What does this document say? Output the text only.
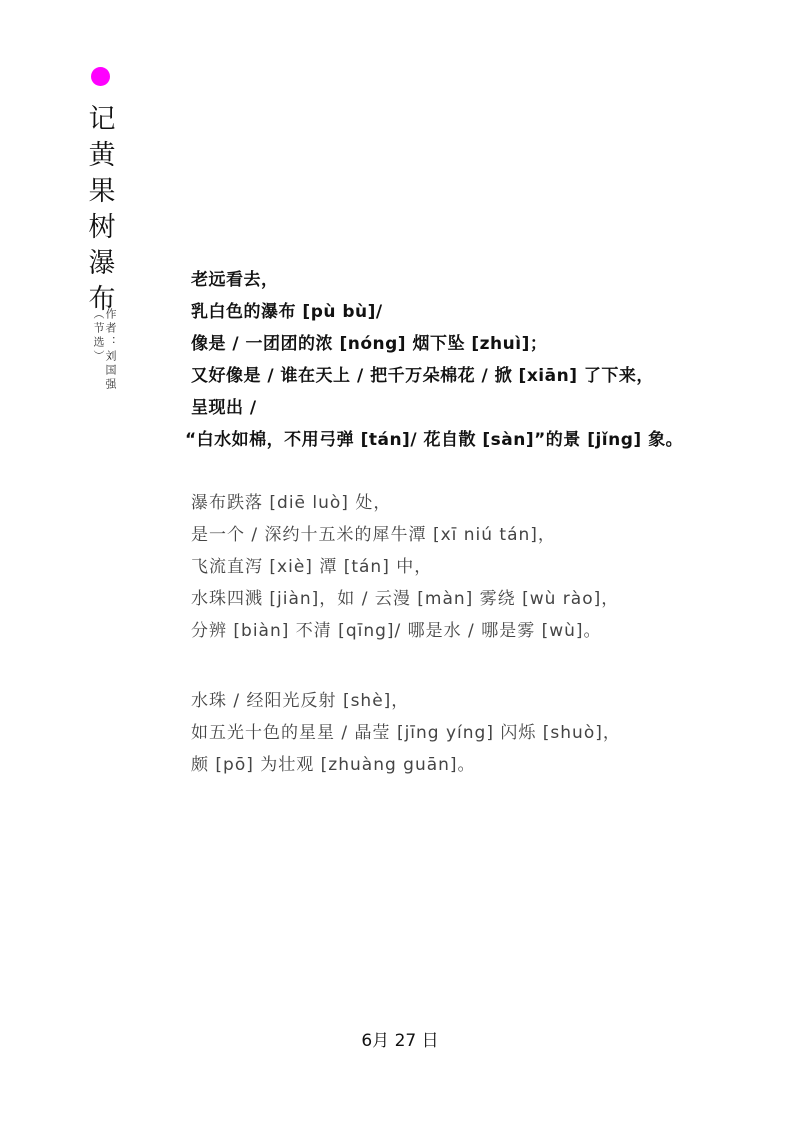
记
黄
果
树
瀑
布
（节选） 作者：刘国强
老远看去，
乳白色的瀑布 [pù bù]/
像是 / 一团团的浓 [nóng] 烟下坠 [zhuì]；
又好像是 / 谁在天上 / 把千万朵棉花 / 掀 [xiān] 了下来，
呈现出 /
“白水如棉，不用弓弹 [tán]/ 花自散 [sàn]”的景 [jǐng] 象。
瀑布跌落 [diē luò] 处，
是一个 / 深约十五米的犀牛潭 [xī niú tán]，
飞流直泻 [xiè] 潭 [tán] 中，
水珠四溅 [jiàn]，如 / 云漫 [màn] 雾绕 [wù rào]，
分辨 [biàn] 不清 [qīng]/ 哪是水 / 哪是雾 [wù]。
水珠 / 经阳光反射 [shè]，
如五光十色的星星 / 晶莹 [jīng yíng] 闪烁 [shuò]，
颇 [pō] 为壮观 [zhuàng guān]。
6月 27 日
